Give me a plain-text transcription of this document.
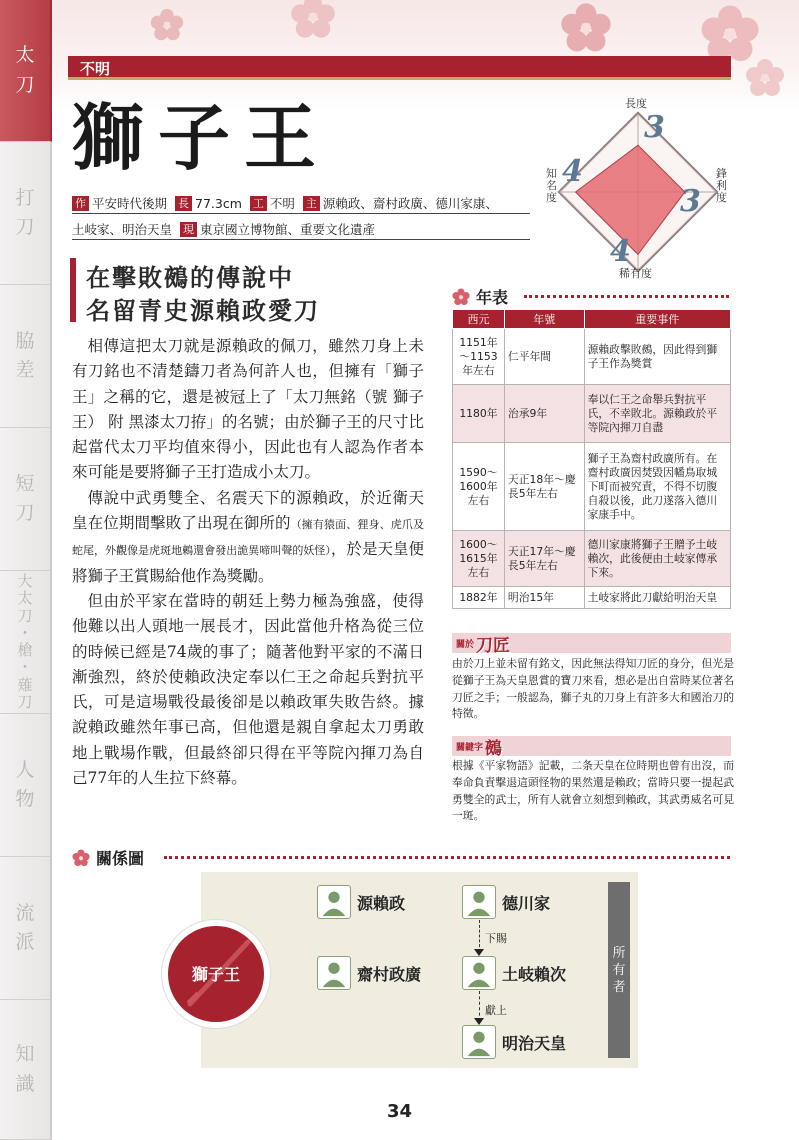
太
刀
打
刀
脇
差
短
刀
大
太
刀
・
槍
・
薙
刀
人
物
流
派
知
識
不明
獅子王
作 平安時代後期 長 77.3cm 工 不明 主 源賴政、齋村政廣、德川家康、
土岐家、明治天皇 現 東京國立博物館、重要文化遺產
長度
鋒利度
知名度
稀有度
3
3
4
4
在擊敗鵺的傳說中
名留青史源賴政愛刀

相傳這把太刀就是源賴政的佩刀，雖然刀身上未有刀銘也不清楚鑄刀者為何許人也，但擁有「獅子王」之稱的它，還是被冠上了「太刀無銘（號 獅子王） 附 黑漆太刀拵」的名號；由於獅子王的尺寸比起當代太刀平均值來得小，因此也有人認為作者本來可能是要將獅子王打造成小太刀。

傳說中武勇雙全、名震天下的源賴政，於近衛天皇在位期間擊敗了出現在御所的（擁有猿面、狸身、虎爪及蛇尾，外觀像是虎斑地鶇還會發出詭異啼叫聲的妖怪），於是天皇便將獅子王賞賜給他作為獎勵。

但由於平家在當時的朝廷上勢力極為強盛，使得他難以出人頭地一展長才，因此當他升格為從三位的時候已經是74歲的事了；隨著他對平家的不滿日漸強烈，終於使賴政決定奉以仁王之命起兵對抗平氏，可是這場戰役最後卻是以賴政軍失敗告終。據說賴政雖然年事已高，但他還是親自拿起太刀勇敢地上戰場作戰，但最終卻只得在平等院內揮刀為自己77年的人生拉下終幕。

年表
西元	年號	重要事件
1151年～1153年左右	仁平年間	源賴政擊敗鵺，因此得到獅子王作為獎賞
1180年	治承9年	奉以仁王之命舉兵對抗平氏，不幸敗北。源賴政於平等院內揮刀自盡
1590～1600年左右	天正18年～慶長5年左右	獅子王為齋村政廣所有。在齋村政廣因焚毀因幡鳥取城下町而被究責，不得不切腹自殺以後，此刀遂落入德川家康手中。
1600～1615年左右	天正17年～慶長5年左右	德川家康將獅子王贈予土岐賴次，此後便由土岐家傳承下來。
1882年	明治15年	土岐家將此刀獻給明治天皇
關於 刀匠
由於刀上並未留有銘文，因此無法得知刀匠的身分，但光是從獅子王為天皇恩賞的寶刀來看，想必是出自當時某位著名刀匠之手；一般認為，獅子丸的刀身上有許多大和國治刀的特徵。
關鍵字 鵺
根據《平家物語》記載，二条天皇在位時期也曾有出沒，而奉命負責擊退這頭怪物的果然還是賴政；當時只要一提起武勇雙全的武士，所有人就會立刻想到賴政，其武勇威名可見一斑。
關係圖
所
有
者
獅子王
源賴政
齋村政廣
德川家
土岐賴次
明治天皇
下賜
獻上
34
